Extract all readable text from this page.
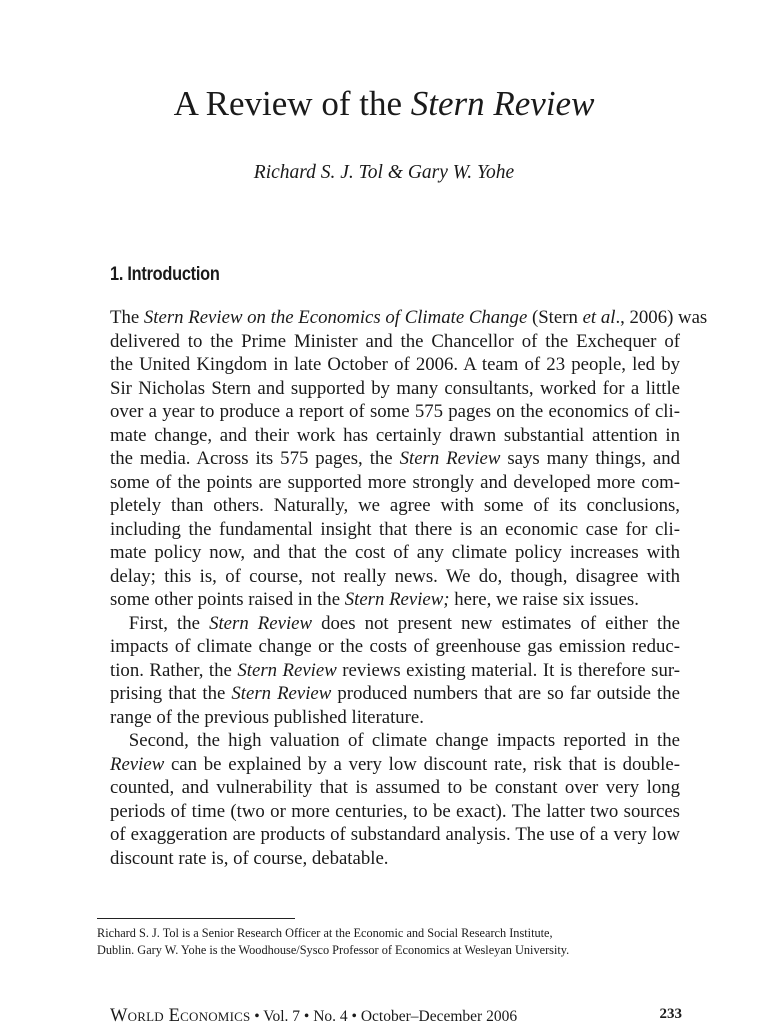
A Review of the Stern Review
Richard S. J. Tol & Gary W. Yohe
1. Introduction
The Stern Review on the Economics of Climate Change (Stern et al., 2006) was
delivered to the Prime Minister and the Chancellor of the Exchequer of
the United Kingdom in late October of 2006. A team of 23 people, led by
Sir Nicholas Stern and supported by many consultants, worked for a little
over a year to produce a report of some 575 pages on the economics of cli-
mate change, and their work has certainly drawn substantial attention in
the media. Across its 575 pages, the Stern Review says many things, and
some of the points are supported more strongly and developed more com-
pletely than others. Naturally, we agree with some of its conclusions,
including the fundamental insight that there is an economic case for cli-
mate policy now, and that the cost of any climate policy increases with
delay; this is, of course, not really news. We do, though, disagree with
some other points raised in the Stern Review; here, we raise six issues.
 First, the Stern Review does not present new estimates of either the
impacts of climate change or the costs of greenhouse gas emission reduc-
tion. Rather, the Stern Review reviews existing material. It is therefore sur-
prising that the Stern Review produced numbers that are so far outside the
range of the previous published literature.
 Second, the high valuation of climate change impacts reported in the
Review can be explained by a very low discount rate, risk that is double-
counted, and vulnerability that is assumed to be constant over very long
periods of time (two or more centuries, to be exact). The latter two sources
of exaggeration are products of substandard analysis. The use of a very low
discount rate is, of course, debatable.
Richard S. J. Tol is a Senior Research Officer at the Economic and Social Research Institute,
Dublin. Gary W. Yohe is the Woodhouse/Sysco Professor of Economics at Wesleyan University.
World Economics • Vol. 7 • No. 4 • October–December 2006	233
